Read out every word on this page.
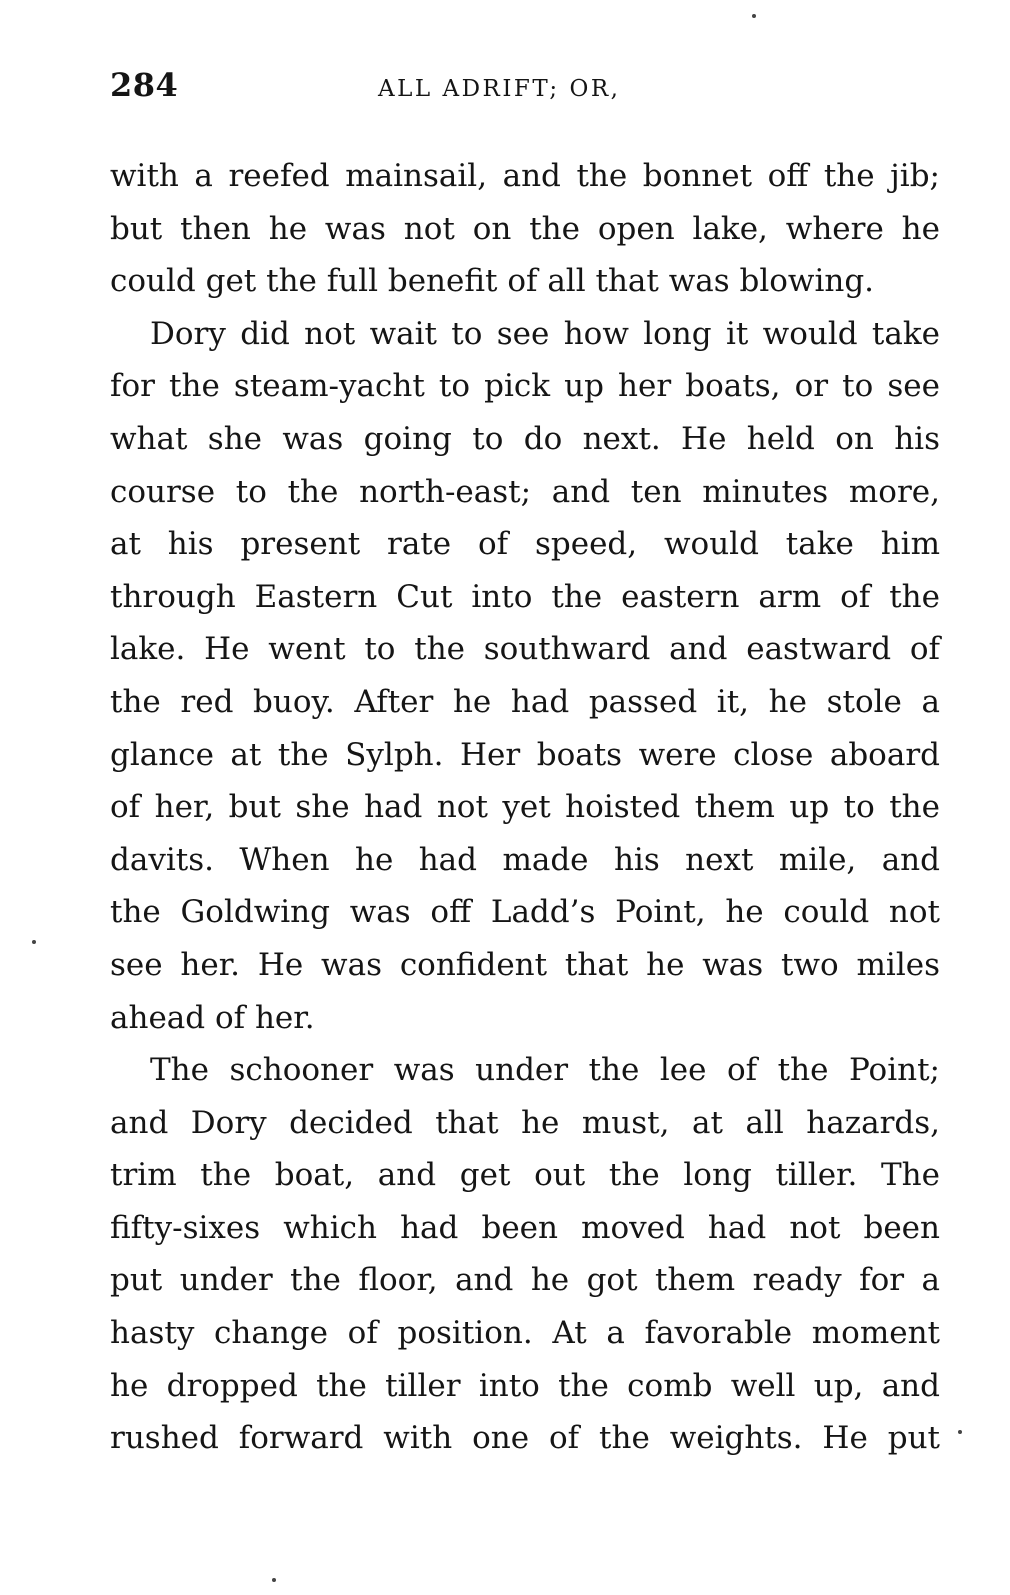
284	ALL ADRIFT; OR,
with a reefed mainsail, and the bonnet off the jib;
but then he was not on the open lake, where he
could get the full benefit of all that was blowing.
Dory did not wait to see how long it would take
for the steam-yacht to pick up her boats, or to see
what she was going to do next. He held on his
course to the north-east; and ten minutes more,
at his present rate of speed, would take him
through Eastern Cut into the eastern arm of the
lake. He went to the southward and eastward of
the red buoy. After he had passed it, he stole a
glance at the Sylph. Her boats were close aboard
of her, but she had not yet hoisted them up to the
davits. When he had made his next mile, and
the Goldwing was off Ladd’s Point, he could not
see her. He was confident that he was two miles
ahead of her.
The schooner was under the lee of the Point;
and Dory decided that he must, at all hazards,
trim the boat, and get out the long tiller. The
fifty-sixes which had been moved had not been
put under the floor, and he got them ready for a
hasty change of position. At a favorable moment
he dropped the tiller into the comb well up, and
rushed forward with one of the weights. He put
